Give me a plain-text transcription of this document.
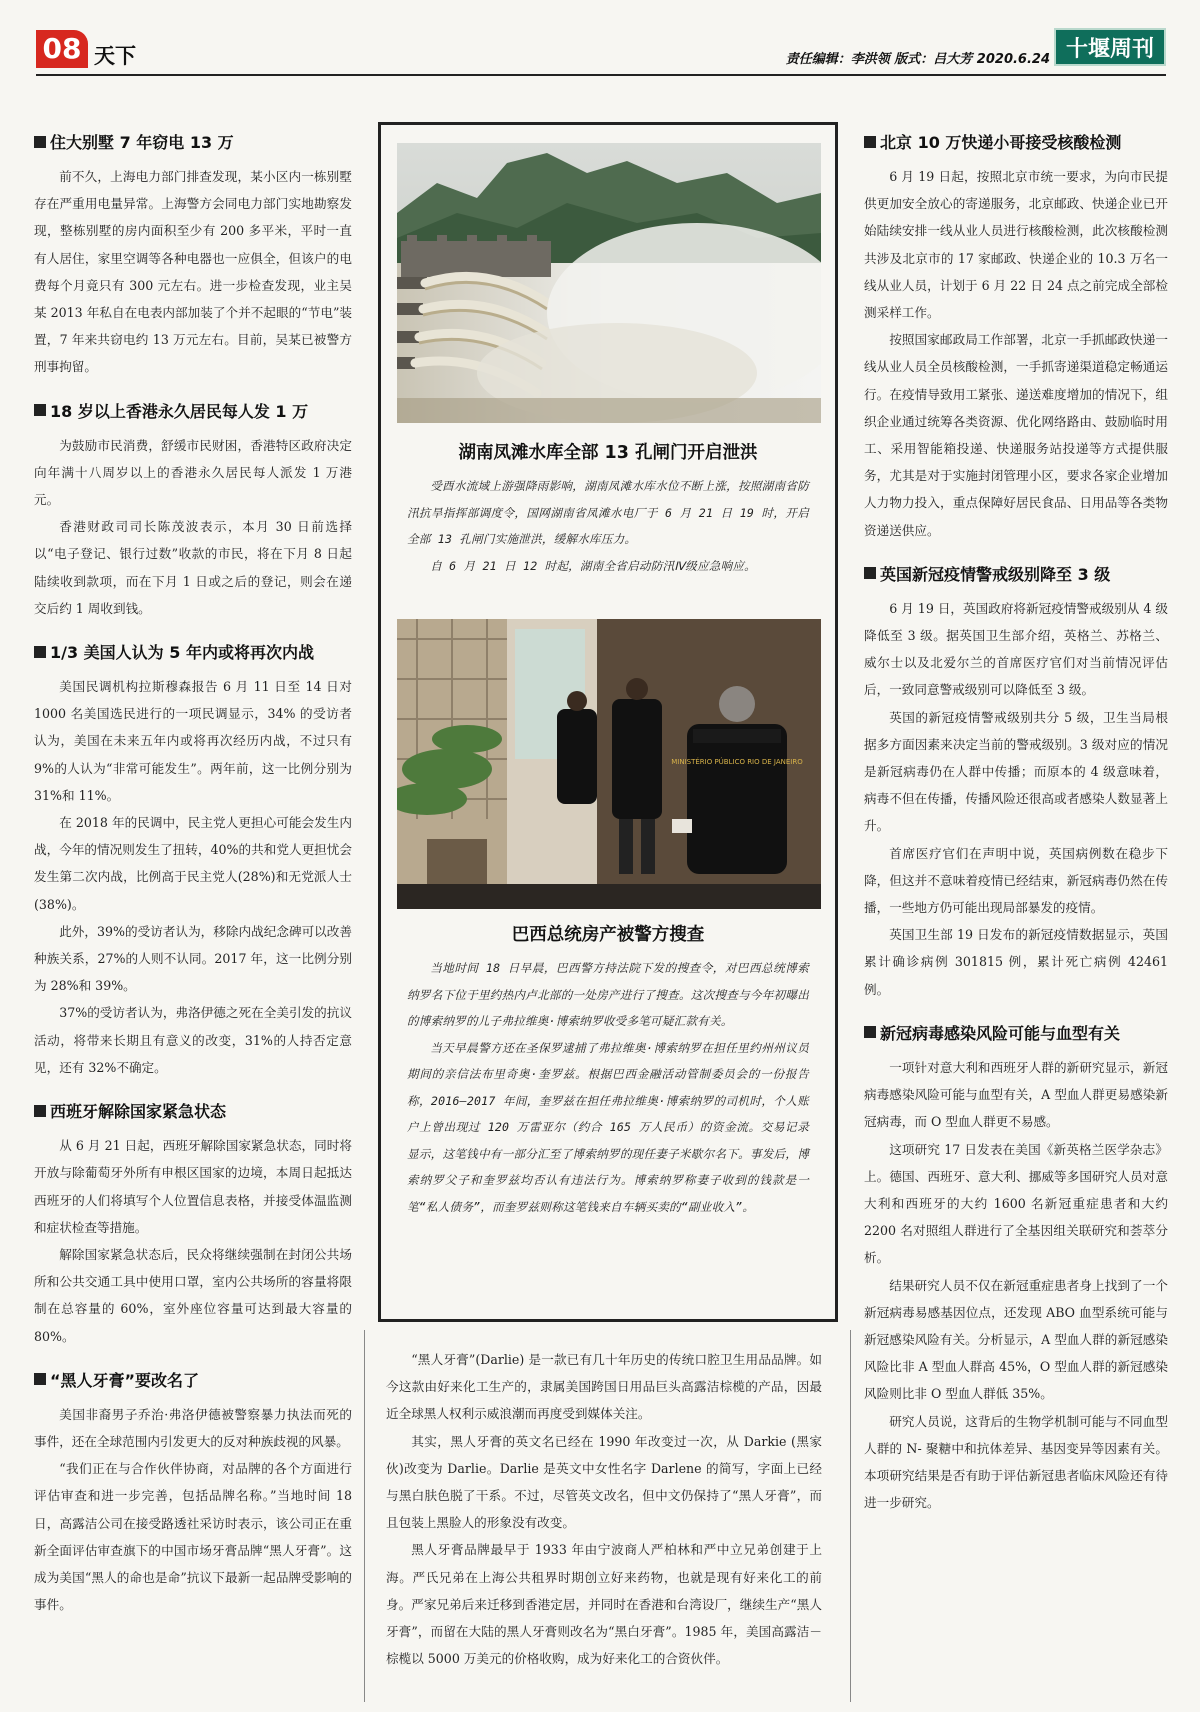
08 天下	责任编辑：李洪领 版式：吕大芳 2020.6.24 十堰周刊
住大别墅 7 年窃电 13 万

前不久，上海电力部门排查发现，某小区内一栋别墅存在严重用电量异常。上海警方会同电力部门实地勘察发现，整栋别墅的房内面积至少有 200 多平米，平时一直有人居住，家里空调等各种电器也一应俱全，但该户的电费每个月竟只有 300 元左右。进一步检查发现，业主吴某 2013 年私自在电表内部加装了个并不起眼的“节电”装置，7 年来共窃电约 13 万元左右。目前，吴某已被警方刑事拘留。

18 岁以上香港永久居民每人发 1 万

为鼓励市民消费，舒缓市民财困，香港特区政府决定向年满十八周岁以上的香港永久居民每人派发 1 万港元。

香港财政司司长陈茂波表示，本月 30 日前选择以“电子登记、银行过数”收款的市民，将在下月 8 日起陆续收到款项，而在下月 1 日或之后的登记，则会在递交后约 1 周收到钱。

1/3 美国人认为 5 年内或将再次内战

美国民调机构拉斯穆森报告 6 月 11 日至 14 日对 1000 名美国选民进行的一项民调显示，34% 的受访者认为，美国在未来五年内或将再次经历内战，不过只有 9%的人认为“非常可能发生”。两年前，这一比例分别为 31%和 11%。

在 2018 年的民调中，民主党人更担心可能会发生内战，今年的情况则发生了扭转，40%的共和党人更担忧会发生第二次内战，比例高于民主党人(28%)和无党派人士(38%)。

此外，39%的受访者认为，移除内战纪念碑可以改善种族关系，27%的人则不认同。2017 年，这一比例分别为 28%和 39%。

37%的受访者认为，弗洛伊德之死在全美引发的抗议活动，将带来长期且有意义的改变，31%的人持否定意见，还有 32%不确定。

西班牙解除国家紧急状态

从 6 月 21 日起，西班牙解除国家紧急状态，同时将开放与除葡萄牙外所有申根区国家的边境，本周日起抵达西班牙的人们将填写个人位置信息表格，并接受体温监测和症状检查等措施。

解除国家紧急状态后，民众将继续强制在封闭公共场所和公共交通工具中使用口罩，室内公共场所的容量将限制在总容量的 60%，室外座位容量可达到最大容量的 80%。

“黑人牙膏”要改名了

美国非裔男子乔治·弗洛伊德被警察暴力执法而死的事件，还在全球范围内引发更大的反对种族歧视的风暴。

“我们正在与合作伙伴协商，对品牌的各个方面进行评估审查和进一步完善，包括品牌名称。”当地时间 18 日，高露洁公司在接受路透社采访时表示，该公司正在重新全面评估审查旗下的中国市场牙膏品牌“黑人牙膏”。这成为美国“黑人的命也是命”抗议下最新一起品牌受影响的事件。

湖南凤滩水库全部 13 孔闸门开启泄洪

受酉水流域上游强降雨影响，湖南凤滩水库水位不断上涨，按照湖南省防汛抗旱指挥部调度令，国网湖南省凤滩水电厂于 6 月 21 日 19 时，开启全部 13 孔闸门实施泄洪，缓解水库压力。

自 6 月 21 日 12 时起，湖南全省启动防汛Ⅳ级应急响应。

MINISTÉRIO PÚBLICO RIO DE JANEIRO
巴西总统房产被警方搜查

当地时间 18 日早晨，巴西警方持法院下发的搜查令，对巴西总统博索纳罗名下位于里约热内卢北部的一处房产进行了搜查。这次搜查与今年初曝出的博索纳罗的儿子弗拉维奥·博索纳罗收受多笔可疑汇款有关。

当天早晨警方还在圣保罗逮捕了弗拉维奥·博索纳罗在担任里约州州议员期间的亲信法布里奇奥·奎罗兹。根据巴西金融活动管制委员会的一份报告称，2016—2017 年间，奎罗兹在担任弗拉维奥·博索纳罗的司机时，个人账户上曾出现过 120 万雷亚尔（约合 165 万人民币）的资金流。交易记录显示，这笔钱中有一部分汇至了博索纳罗的现任妻子米歇尔名下。事发后，博索纳罗父子和奎罗兹均否认有违法行为。博索纳罗称妻子收到的钱款是一笔“私人债务”，而奎罗兹则称这笔钱来自车辆买卖的“副业收入”。

“黑人牙膏”(Darlie) 是一款已有几十年历史的传统口腔卫生用品品牌。如今这款由好来化工生产的，隶属美国跨国日用品巨头高露洁棕榄的产品，因最近全球黑人权利示威浪潮而再度受到媒体关注。

其实，黑人牙膏的英文名已经在 1990 年改变过一次，从 Darkie (黑家伙)改变为 Darlie。Darlie 是英文中女性名字 Darlene 的简写，字面上已经与黑白肤色脱了干系。不过，尽管英文改名，但中文仍保持了“黑人牙膏”，而且包装上黑脸人的形象没有改变。

黑人牙膏品牌最早于 1933 年由宁波商人严柏林和严中立兄弟创建于上海。严氏兄弟在上海公共租界时期创立好来药物，也就是现有好来化工的前身。严家兄弟后来迁移到香港定居，并同时在香港和台湾设厂，继续生产“黑人牙膏”，而留在大陆的黑人牙膏则改名为“黑白牙膏”。1985 年，美国高露洁－棕榄以 5000 万美元的价格收购，成为好来化工的合资伙伴。

北京 10 万快递小哥接受核酸检测

6 月 19 日起，按照北京市统一要求，为向市民提供更加安全放心的寄递服务，北京邮政、快递企业已开始陆续安排一线从业人员进行核酸检测，此次核酸检测共涉及北京市的 17 家邮政、快递企业的 10.3 万名一线从业人员，计划于 6 月 22 日 24 点之前完成全部检测采样工作。

按照国家邮政局工作部署，北京一手抓邮政快递一线从业人员全员核酸检测，一手抓寄递渠道稳定畅通运行。在疫情导致用工紧张、递送难度增加的情况下，组织企业通过统筹各类资源、优化网络路由、鼓励临时用工、采用智能箱投递、快递服务站投递等方式提供服务，尤其是对于实施封闭管理小区，要求各家企业增加人力物力投入，重点保障好居民食品、日用品等各类物资递送供应。

英国新冠疫情警戒级别降至 3 级

6 月 19 日，英国政府将新冠疫情警戒级别从 4 级降低至 3 级。据英国卫生部介绍，英格兰、苏格兰、威尔士以及北爱尔兰的首席医疗官们对当前情况评估后，一致同意警戒级别可以降低至 3 级。

英国的新冠疫情警戒级别共分 5 级，卫生当局根据多方面因素来决定当前的警戒级别。3 级对应的情况是新冠病毒仍在人群中传播；而原本的 4 级意味着，病毒不但在传播，传播风险还很高或者感染人数显著上升。

首席医疗官们在声明中说，英国病例数在稳步下降，但这并不意味着疫情已经结束，新冠病毒仍然在传播，一些地方仍可能出现局部暴发的疫情。

英国卫生部 19 日发布的新冠疫情数据显示，英国累计确诊病例 301815 例，累计死亡病例 42461 例。

新冠病毒感染风险可能与血型有关

一项针对意大利和西班牙人群的新研究显示，新冠病毒感染风险可能与血型有关，A 型血人群更易感染新冠病毒，而 O 型血人群更不易感。

这项研究 17 日发表在美国《新英格兰医学杂志》上。德国、西班牙、意大利、挪威等多国研究人员对意大利和西班牙的大约 1600 名新冠重症患者和大约 2200 名对照组人群进行了全基因组关联研究和荟萃分析。

结果研究人员不仅在新冠重症患者身上找到了一个新冠病毒易感基因位点，还发现 ABO 血型系统可能与新冠感染风险有关。分析显示，A 型血人群的新冠感染风险比非 A 型血人群高 45%，O 型血人群的新冠感染风险则比非 O 型血人群低 35%。

研究人员说，这背后的生物学机制可能与不同血型人群的 N- 聚糖中和抗体差异、基因变异等因素有关。本项研究结果是否有助于评估新冠患者临床风险还有待进一步研究。
